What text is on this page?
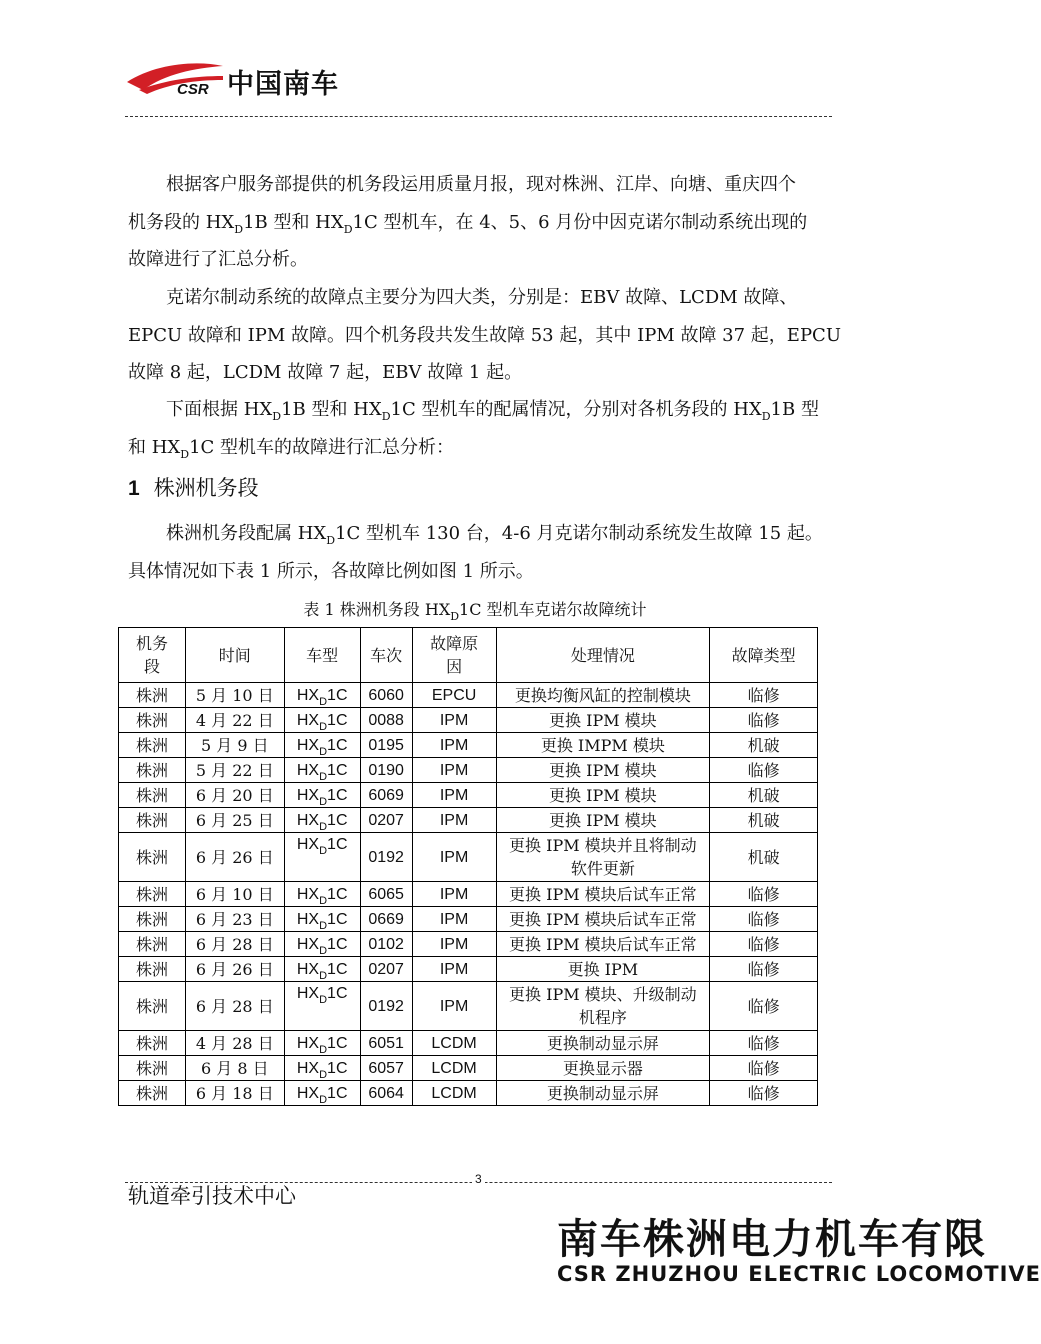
CSR 中国南车

根据客户服务部提供的机务段运用质量月报，现对株洲、江岸、向塘、重庆四个
机务段的 $HX_D1B$ 型和 $HX_D1C$ 型机车，在 4、5、6 月份中因克诺尔制动系统出现的
故障进行了汇总分析。

克诺尔制动系统的故障点主要分为四大类，分别是：EBV 故障、LCDM 故障、
EPCU 故障和 IPM 故障。四个机务段共发生故障 53 起，其中 IPM 故障 37 起，EPCU
故障 8 起，LCDM 故障 7 起，EBV 故障 1 起。

下面根据 $HX_D1B$ 型和 $HX_D1C$ 型机车的配属情况，分别对各机务段的 $HX_D1B$ 型
和 $HX_D1C$ 型机车的故障进行汇总分析：

1 株洲机务段

株洲机务段配属 $HX_D1C$ 型机车 130 台，4-6 月克诺尔制动系统发生故障 15 起。
具体情况如下表 1 所示，各故障比例如图 1 所示。

表 1 株洲机务段 $HX_D1C$ 型机车克诺尔故障统计
机务
段	时间	车型	车次	故障原
因	处理情况	故障类型
株洲	5 月 10 日	$HX_D1C$	6060	EPCU	更换均衡风缸的控制模块	临修
株洲	4 月 22 日	$HX_D1C$	0088	IPM	更换 IPM 模块	临修
株洲	5 月 9 日	$HX_D1C$	0195	IPM	更换 IMPM 模块	机破
株洲	5 月 22 日	$HX_D1C$	0190	IPM	更换 IPM 模块	临修
株洲	6 月 20 日	$HX_D1C$	6069	IPM	更换 IPM 模块	机破
株洲	6 月 25 日	$HX_D1C$	0207	IPM	更换 IPM 模块	机破
株洲	6 月 26 日	$HX_D1C$	0192	IPM	更换 IPM 模块并且将制动
软件更新	机破
株洲	6 月 10 日	$HX_D1C$	6065	IPM	更换 IPM 模块后试车正常	临修
株洲	6 月 23 日	$HX_D1C$	0669	IPM	更换 IPM 模块后试车正常	临修
株洲	6 月 28 日	$HX_D1C$	0102	IPM	更换 IPM 模块后试车正常	临修
株洲	6 月 26 日	$HX_D1C$	0207	IPM	更换 IPM	临修
株洲	6 月 28 日	$HX_D1C$	0192	IPM	更换 IPM 模块、升级制动
机程序	临修
株洲	4 月 28 日	$HX_D1C$	6051	LCDM	更换制动显示屏	临修
株洲	6 月 8 日	$HX_D1C$	6057	LCDM	更换显示器	临修
株洲	6 月 18 日	$HX_D1C$	6064	LCDM	更换制动显示屏	临修
3
轨道牵引技术中心
南车株洲电力机车有限
CSR ZHUZHOU ELECTRIC LOCOMOTIVE
